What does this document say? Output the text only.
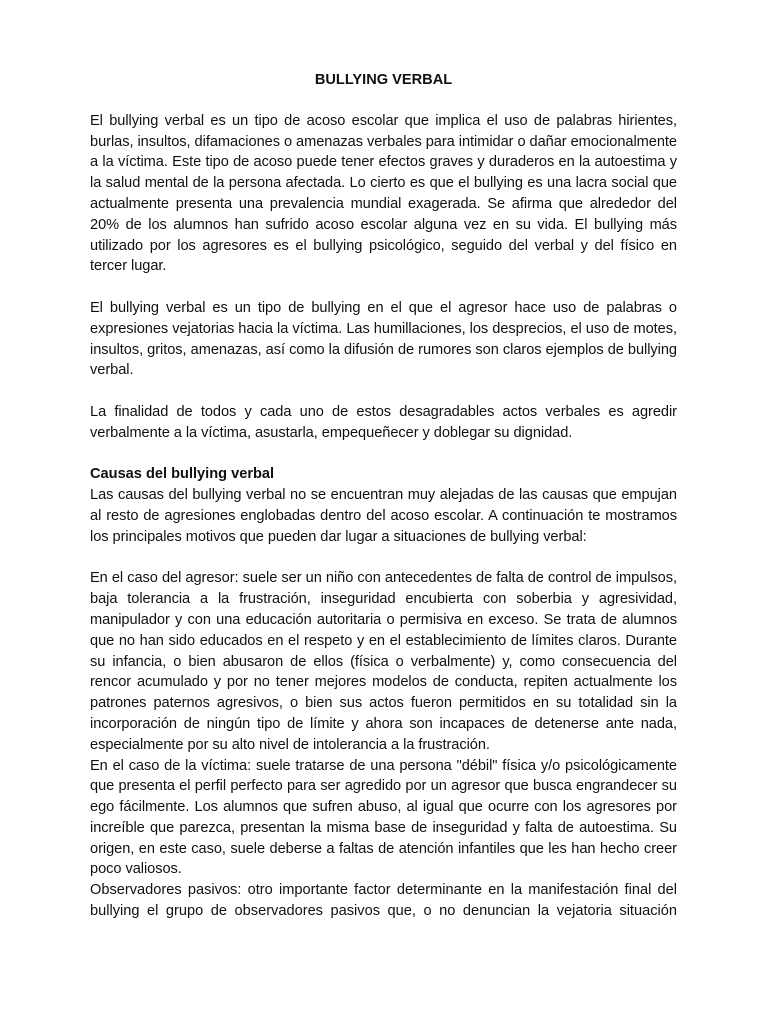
BULLYING VERBAL

El bullying verbal es un tipo de acoso escolar que implica el uso de palabras hirientes, burlas, insultos, difamaciones o amenazas verbales para intimidar o dañar emocionalmente a la víctima. Este tipo de acoso puede tener efectos graves y duraderos en la autoestima y la salud mental de la persona afectada. Lo cierto es que el bullying es una lacra social que actualmente presenta una prevalencia mundial exagerada. Se afirma que alrededor del 20% de los alumnos han sufrido acoso escolar alguna vez en su vida. El bullying más utilizado por los agresores es el bullying psicológico, seguido del verbal y del físico en tercer lugar.

El bullying verbal es un tipo de bullying en el que el agresor hace uso de palabras o expresiones vejatorias hacia la víctima. Las humillaciones, los desprecios, el uso de motes, insultos, gritos, amenazas, así como la difusión de rumores son claros ejemplos de bullying verbal.

La finalidad de todos y cada uno de estos desagradables actos verbales es agredir verbalmente a la víctima, asustarla, empequeñecer y doblegar su dignidad.

Causas del bullying verbal

Las causas del bullying verbal no se encuentran muy alejadas de las causas que empujan al resto de agresiones englobadas dentro del acoso escolar. A continuación te mostramos los principales motivos que pueden dar lugar a situaciones de bullying verbal:

En el caso del agresor: suele ser un niño con antecedentes de falta de control de impulsos, baja tolerancia a la frustración, inseguridad encubierta con soberbia y agresividad, manipulador y con una educación autoritaria o permisiva en exceso. Se trata de alumnos que no han sido educados en el respeto y en el establecimiento de límites claros. Durante su infancia, o bien abusaron de ellos (física o verbalmente) y, como consecuencia del rencor acumulado y por no tener mejores modelos de conducta, repiten actualmente los patrones paternos agresivos, o bien sus actos fueron permitidos en su totalidad sin la incorporación de ningún tipo de límite y ahora son incapaces de detenerse ante nada, especialmente por su alto nivel de intolerancia a la frustración.

En el caso de la víctima: suele tratarse de una persona "débil" física y/o psicológicamente que presenta el perfil perfecto para ser agredido por un agresor que busca engrandecer su ego fácilmente. Los alumnos que sufren abuso, al igual que ocurre con los agresores por increíble que parezca, presentan la misma base de inseguridad y falta de autoestima. Su origen, en este caso, suele deberse a faltas de atención infantiles que les han hecho creer poco valiosos.

Observadores pasivos: otro importante factor determinante en la manifestación final del bullying el grupo de observadores pasivos que, o no denuncian la vejatoria situación
